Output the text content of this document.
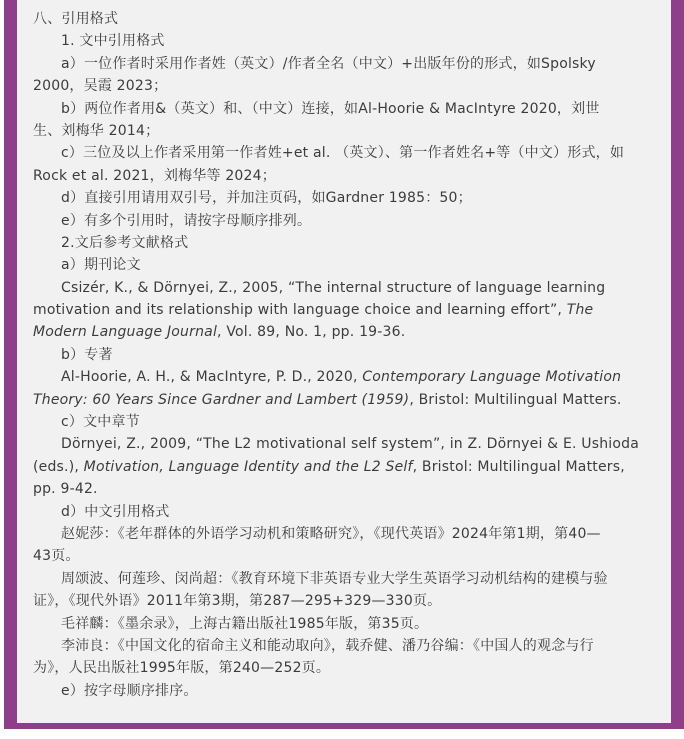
八、引用格式
1. 文中引用格式
a）一位作者时采用作者姓（英文）/作者全名（中文）+出版年份的形式，如Spolsky
2000，吴霞 2023；
b）两位作者用&（英文）和、（中文）连接，如Al-Hoorie & MacIntyre 2020，刘世
生、刘梅华 2014；
c）三位及以上作者采用第一作者姓+et al. （英文）、第一作者姓名+等（中文）形式，如
Rock et al. 2021，刘梅华等 2024；
d）直接引用请用双引号，并加注页码，如Gardner 1985：50；
e）有多个引用时，请按字母顺序排列。
2.文后参考文献格式
a）期刊论文
Csizér, K., & Dörnyei, Z., 2005, “The internal structure of language learning
motivation and its relationship with language choice and learning effort”, The
Modern Language Journal, Vol. 89, No. 1, pp. 19-36.
b）专著
Al-Hoorie, A. H., & MacIntyre, P. D., 2020, Contemporary Language Motivation
Theory: 60 Years Since Gardner and Lambert (1959), Bristol: Multilingual Matters.
c）文中章节
Dörnyei, Z., 2009, “The L2 motivational self system”, in Z. Dörnyei & E. Ushioda
(eds.), Motivation, Language Identity and the L2 Self, Bristol: Multilingual Matters,
pp. 9-42.
d）中文引用格式
赵妮莎：《老年群体的外语学习动机和策略研究》，《现代英语》2024年第1期，第40—
43页。
周颂波、何莲珍、闵尚超：《教育环境下非英语专业大学生英语学习动机结构的建模与验
证》，《现代外语》2011年第3期，第287—295+329—330页。
毛祥麟：《墨余录》，上海古籍出版社1985年版，第35页。
李沛良：《中国文化的宿命主义和能动取向》，载乔健、潘乃谷编：《中国人的观念与行
为》，人民出版社1995年版，第240—252页。
e）按字母顺序排序。
